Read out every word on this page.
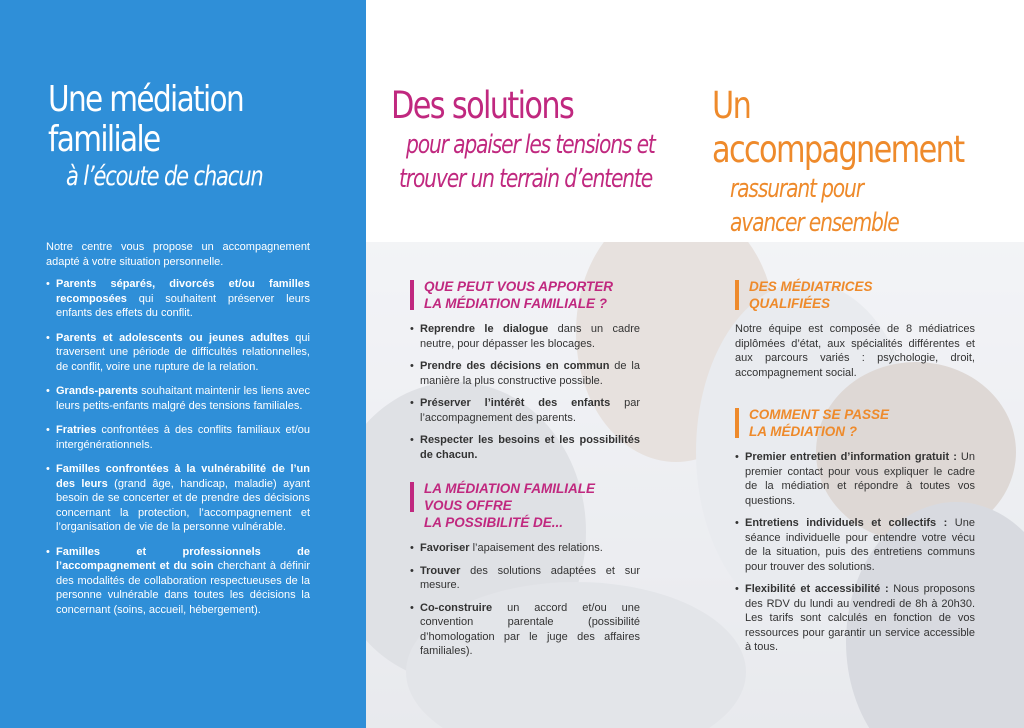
Une médiation
familiale
à l’écoute de chacun

Notre centre vous propose un accompagnement adapté à votre situation personnelle.

• Parents séparés, divorcés et/ou familles recomposées qui souhaitent préserver leurs enfants des effets du conflit.
• Parents et adolescents ou jeunes adultes qui traversent une période de difficultés relationnelles, de conflit, voire une rupture de la relation.
• Grands-parents souhaitant maintenir les liens avec leurs petits-enfants malgré des tensions familiales.
• Fratries confrontées à des conflits familiaux et/ou intergénérationnels.
• Familles confrontées à la vulnérabilité de l’un des leurs (grand âge, handicap, maladie) ayant besoin de se concerter et de prendre des décisions concernant la protection, l’accompagnement et l’organisation de vie de la personne vulnérable.
• Familles et professionnels de l’accompagnement et du soin cherchant à définir des modalités de collaboration respectueuses de la personne vulnérable dans toutes les décisions la concernant (soins, accueil, hébergement).
Des solutions
pour apaiser les tensions et
trouver un terrain d’entente
Un accompagnement
rassurant pour
avancer ensemble
QUE PEUT VOUS APPORTER
LA MÉDIATION FAMILIALE ?
• Reprendre le dialogue dans un cadre neutre, pour dépasser les blocages.
• Prendre des décisions en commun de la manière la plus constructive possible.
• Préserver l’intérêt des enfants par l’accompagnement des parents.
• Respecter les besoins et les possibilités de chacun.
LA MÉDIATION FAMILIALE
VOUS OFFRE
LA POSSIBILITÉ DE...
• Favoriser l’apaisement des relations.
• Trouver des solutions adaptées et sur mesure.
• Co-construire un accord et/ou une convention parentale (possibilité d’homologation par le juge des affaires familiales).
DES MÉDIATRICES
QUALIFIÉES

Notre équipe est composée de 8 médiatrices diplômées d’état, aux spécialités différentes et aux parcours variés : psychologie, droit, accompagnement social.

COMMENT SE PASSE
LA MÉDIATION ?
• Premier entretien d’information gratuit : Un premier contact pour vous expliquer le cadre de la médiation et répondre à toutes vos questions.
• Entretiens individuels et collectifs : Une séance individuelle pour entendre votre vécu de la situation, puis des entretiens communs pour trouver des solutions.
• Flexibilité et accessibilité : Nous proposons des RDV du lundi au vendredi de 8h à 20h30. Les tarifs sont calculés en fonction de vos ressources pour garantir un service accessible à tous.
